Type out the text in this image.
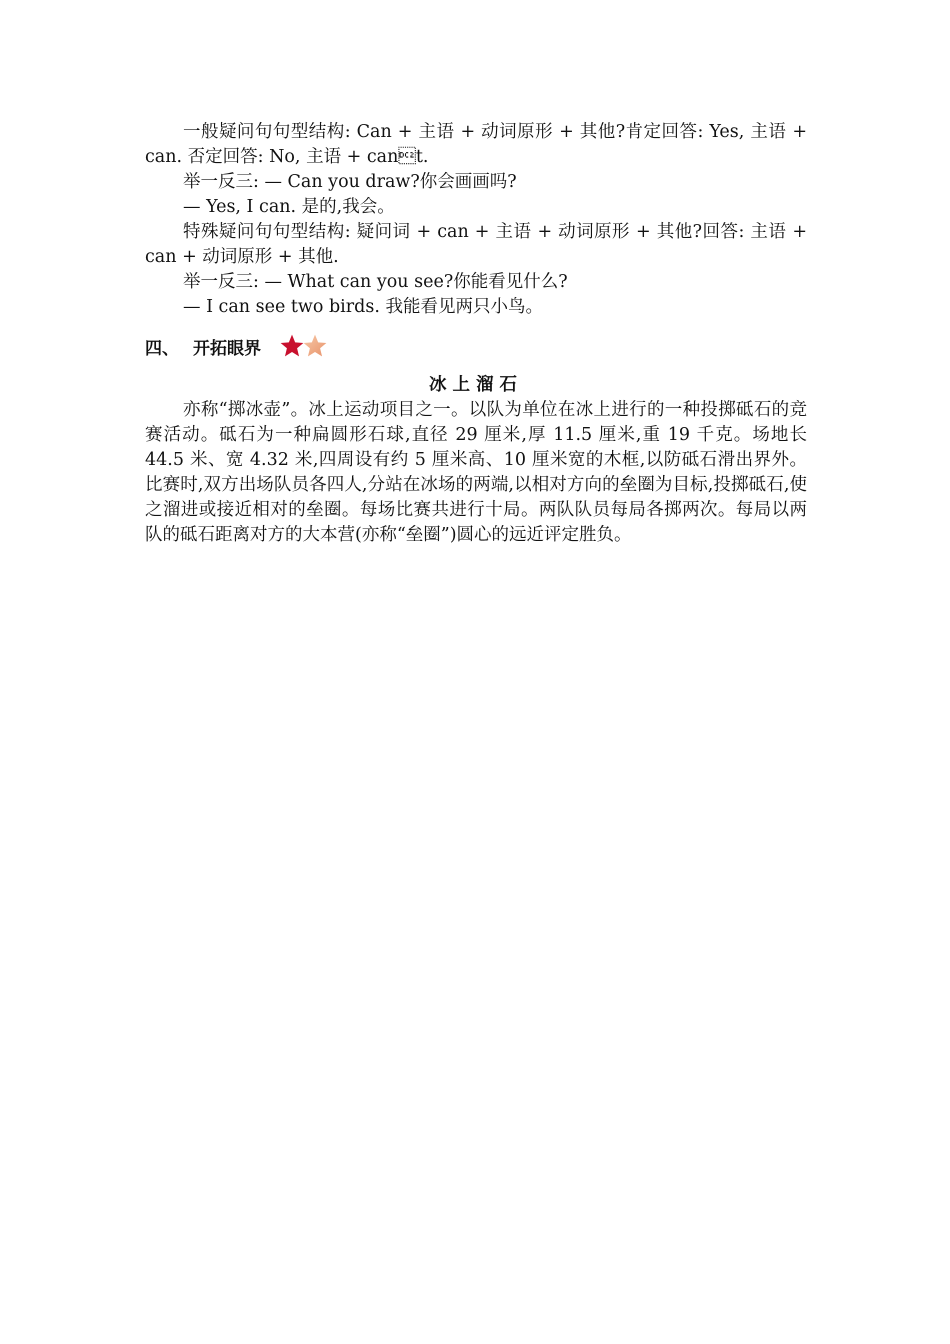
一般疑问句句型结构: Can + 主语 + 动词原形 + 其他?肯定回答: Yes, 主语 + can. 否定回答: No, 主语 + cant.

举一反三: — Can you draw?你会画画吗?

— Yes, I can. 是的,我会。

特殊疑问句句型结构: 疑问词 + can + 主语 + 动词原形 + 其他?回答: 主语 + can + 动词原形 + 其他.

举一反三: — What can you see?你能看见什么?

— I can see two birds. 我能看见两只小鸟。

四、 开拓眼界

冰上溜石

亦称“掷冰壶”。冰上运动项目之一。以队为单位在冰上进行的一种投掷砥石的竞赛活动。砥石为一种扁圆形石球,直径 29 厘米,厚 11.5 厘米,重 19 千克。场地长 44.5 米、宽 4.32 米,四周设有约 5 厘米高、10 厘米宽的木框,以防砥石滑出界外。比赛时,双方出场队员各四人,分站在冰场的两端,以相对方向的垒圈为目标,投掷砥石,使之溜进或接近相对的垒圈。每场比赛共进行十局。两队队员每局各掷两次。每局以两队的砥石距离对方的大本营(亦称“垒圈”)圆心的远近评定胜负。
